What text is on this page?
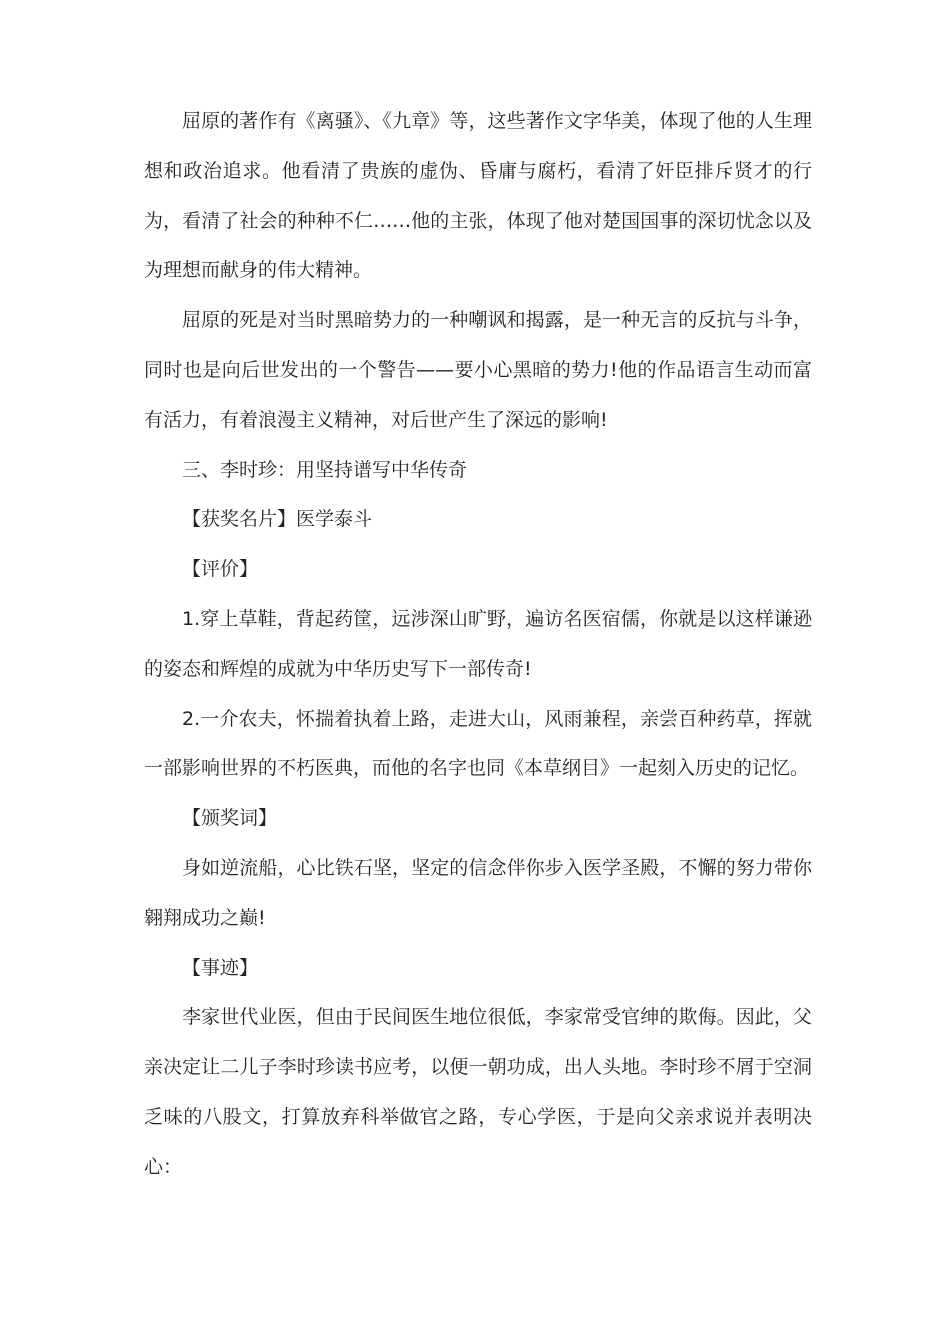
屈原的著作有《离骚》、《九章》等，这些著作文字华美，体现了他的人生理想和政治追求。他看清了贵族的虚伪、昏庸与腐朽，看清了奸臣排斥贤才的行为，看清了社会的种种不仁……他的主张，体现了他对楚国国事的深切忧念以及为理想而献身的伟大精神。

屈原的死是对当时黑暗势力的一种嘲讽和揭露，是一种无言的反抗与斗争，同时也是向后世发出的一个警告——要小心黑暗的势力!他的作品语言生动而富有活力，有着浪漫主义精神，对后世产生了深远的影响!

三、李时珍：用坚持谱写中华传奇

【获奖名片】医学泰斗

【评价】

1.穿上草鞋，背起药筐，远涉深山旷野，遍访名医宿儒，你就是以这样谦逊的姿态和辉煌的成就为中华历史写下一部传奇!

2.一介农夫，怀揣着执着上路，走进大山，风雨兼程，亲尝百种药草，挥就一部影响世界的不朽医典，而他的名字也同《本草纲目》一起刻入历史的记忆。

【颁奖词】

身如逆流船，心比铁石坚，坚定的信念伴你步入医学圣殿，不懈的努力带你翱翔成功之巅!

【事迹】

李家世代业医，但由于民间医生地位很低，李家常受官绅的欺侮。因此，父亲决定让二儿子李时珍读书应考，以便一朝功成，出人头地。李时珍不屑于空洞乏味的八股文，打算放弃科举做官之路，专心学医，于是向父亲求说并表明决心：
